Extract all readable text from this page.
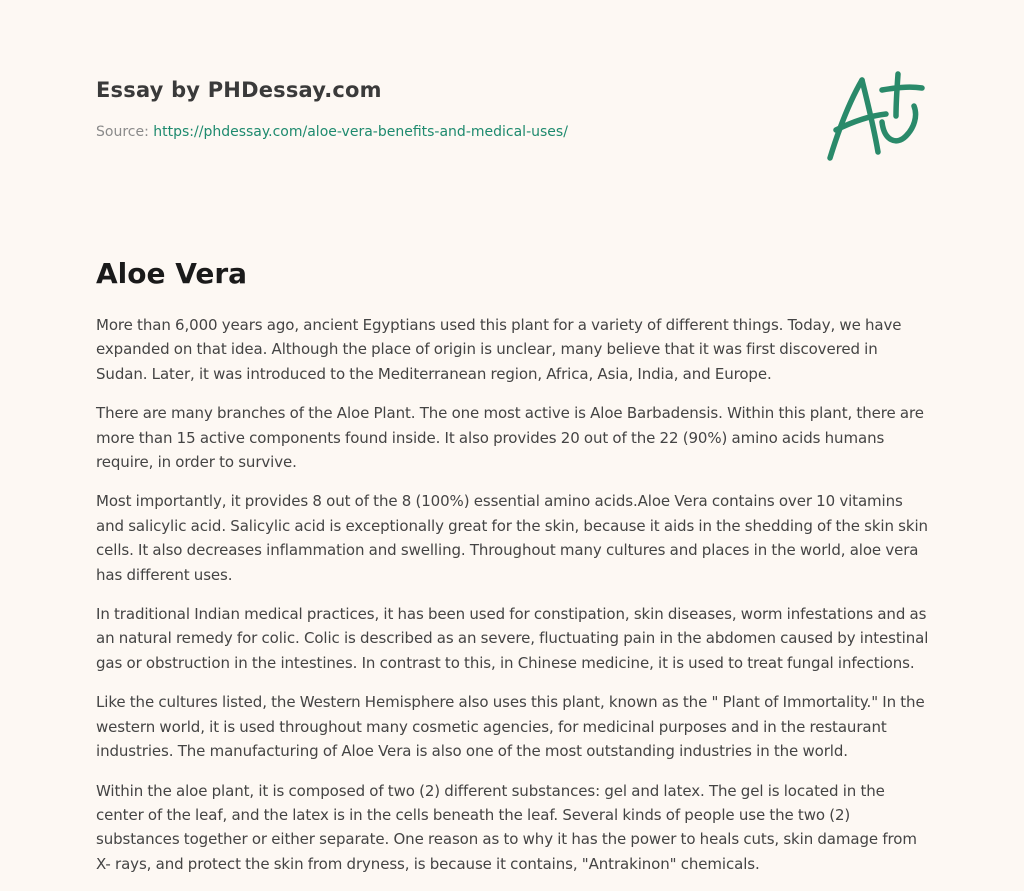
Essay by PHDessay.com
Source: https://phdessay.com/aloe-vera-benefits-and-medical-uses/
Aloe Vera

More than 6,000 years ago, ancient Egyptians used this plant for a variety of different things. Today, we have expanded on that idea. Although the place of origin is unclear, many believe that it was first discovered in Sudan. Later, it was introduced to the Mediterranean region, Africa, Asia, India, and Europe.

There are many branches of the Aloe Plant. The one most active is Aloe Barbadensis. Within this plant, there are more than 15 active components found inside. It also provides 20 out of the 22 (90%) amino acids humans require, in order to survive.

Most importantly, it provides 8 out of the 8 (100%) essential amino acids.Aloe Vera contains over 10 vitamins and salicylic acid. Salicylic acid is exceptionally great for the skin, because it aids in the shedding of the skin skin cells. It also decreases inflammation and swelling. Throughout many cultures and places in the world, aloe vera has different uses.

In traditional Indian medical practices, it has been used for constipation, skin diseases, worm infestations and as an natural remedy for colic. Colic is described as an severe, fluctuating pain in the abdomen caused by intestinal gas or obstruction in the intestines. In contrast to this, in Chinese medicine, it is used to treat fungal infections.

Like the cultures listed, the Western Hemisphere also uses this plant, known as the " Plant of Immortality." In the western world, it is used throughout many cosmetic agencies, for medicinal purposes and in the restaurant industries. The manufacturing of Aloe Vera is also one of the most outstanding industries in the world.

Within the aloe plant, it is composed of two (2) different substances: gel and latex. The gel is located in the center of the leaf, and the latex is in the cells beneath the leaf. Several kinds of people use the two (2) substances together or either separate. One reason as to why it has the power to heals cuts, skin damage from X- rays, and protect the skin from dryness, is because it contains, "Antrakinon" chemicals.
